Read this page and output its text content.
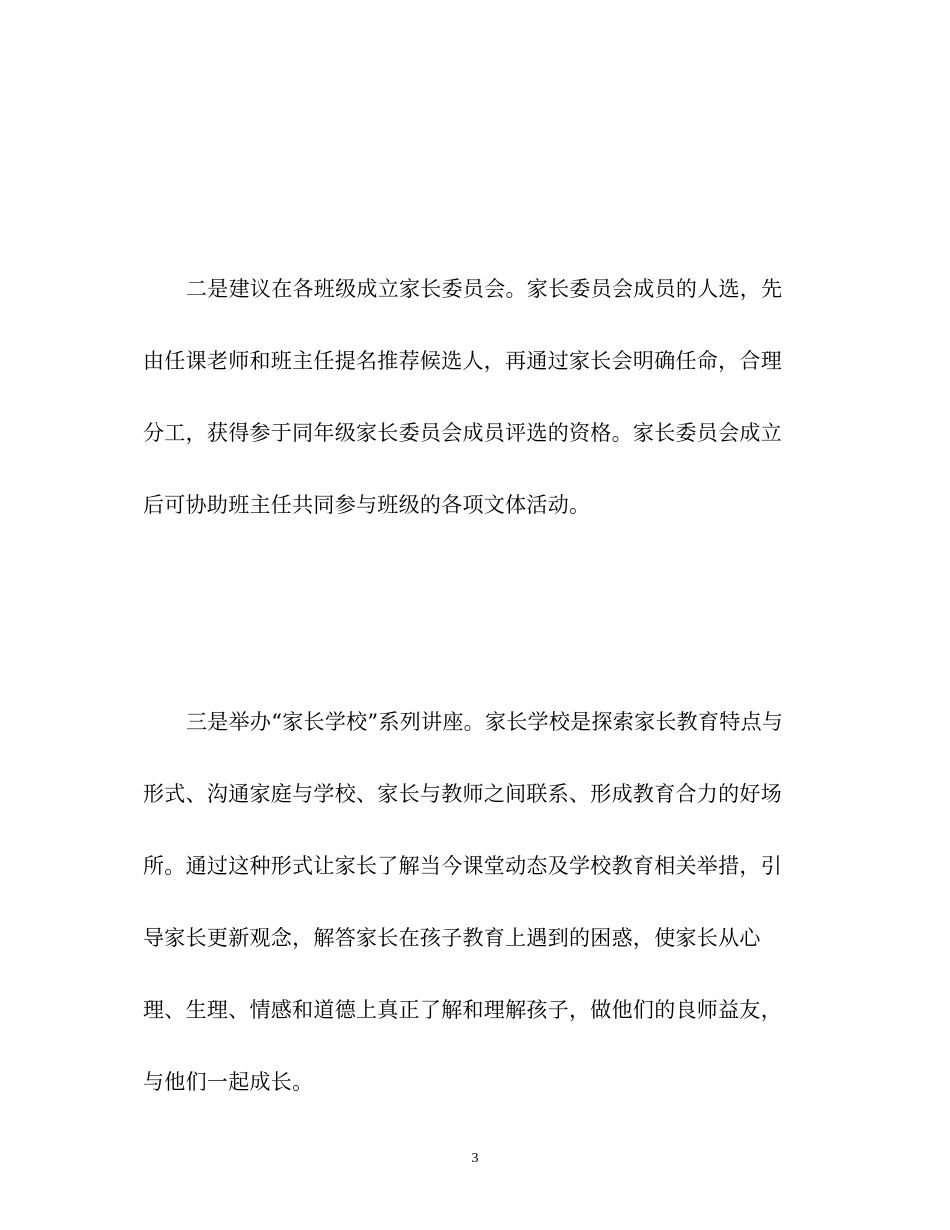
二是建议在各班级成立家长委员会。家长委员会成员的人选，先
由任课老师和班主任提名推荐候选人，再通过家长会明确任命，合理
分工，获得参于同年级家长委员会成员评选的资格。家长委员会成立
后可协助班主任共同参与班级的各项文体活动。
三是举办“家长学校”系列讲座。家长学校是探索家长教育特点与
形式、沟通家庭与学校、家长与教师之间联系、形成教育合力的好场
所。通过这种形式让家长了解当今课堂动态及学校教育相关举措，引
导家长更新观念，解答家长在孩子教育上遇到的困惑，使家长从心
理、生理、情感和道德上真正了解和理解孩子，做他们的良师益友，
与他们一起成长。
3
